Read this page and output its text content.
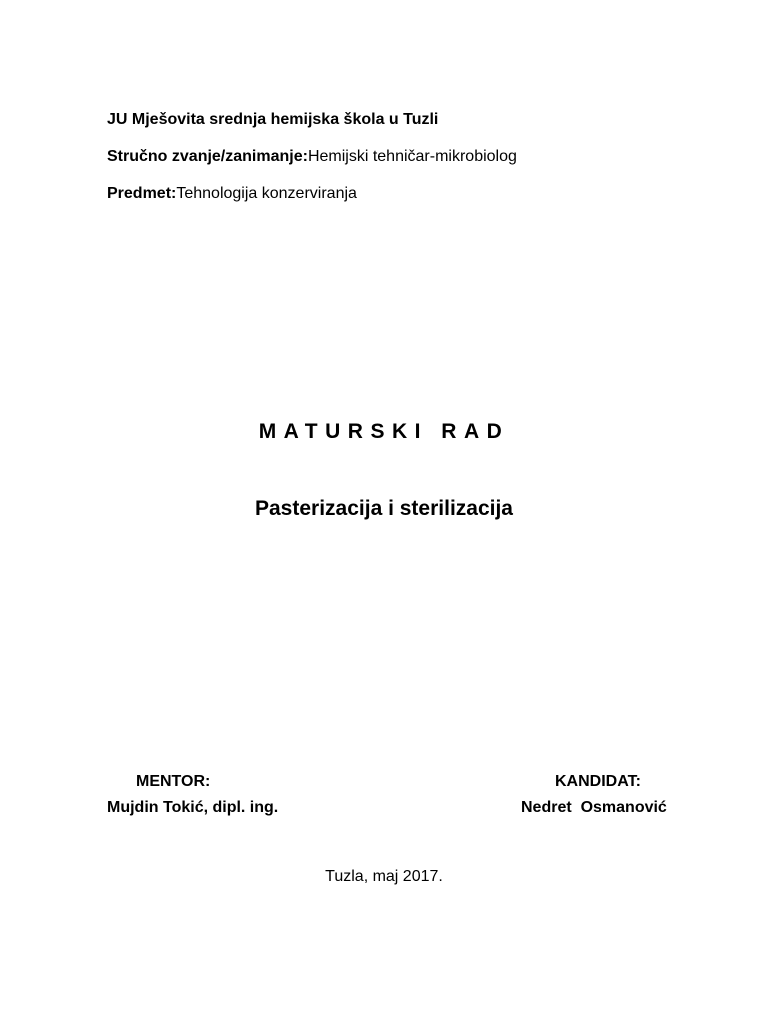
JU Mješovita srednja hemijska škola u Tuzli
Stručno zvanje/zanimanje:Hemijski tehničar-mikrobiolog
Predmet:Tehnologija konzerviranja
MATURSKI RAD
Pasterizacija i sterilizacija
MENTOR:
Mujdin Tokić, dipl. ing.
KANDIDAT:
Nedret  Osmanović
Tuzla, maj 2017.
